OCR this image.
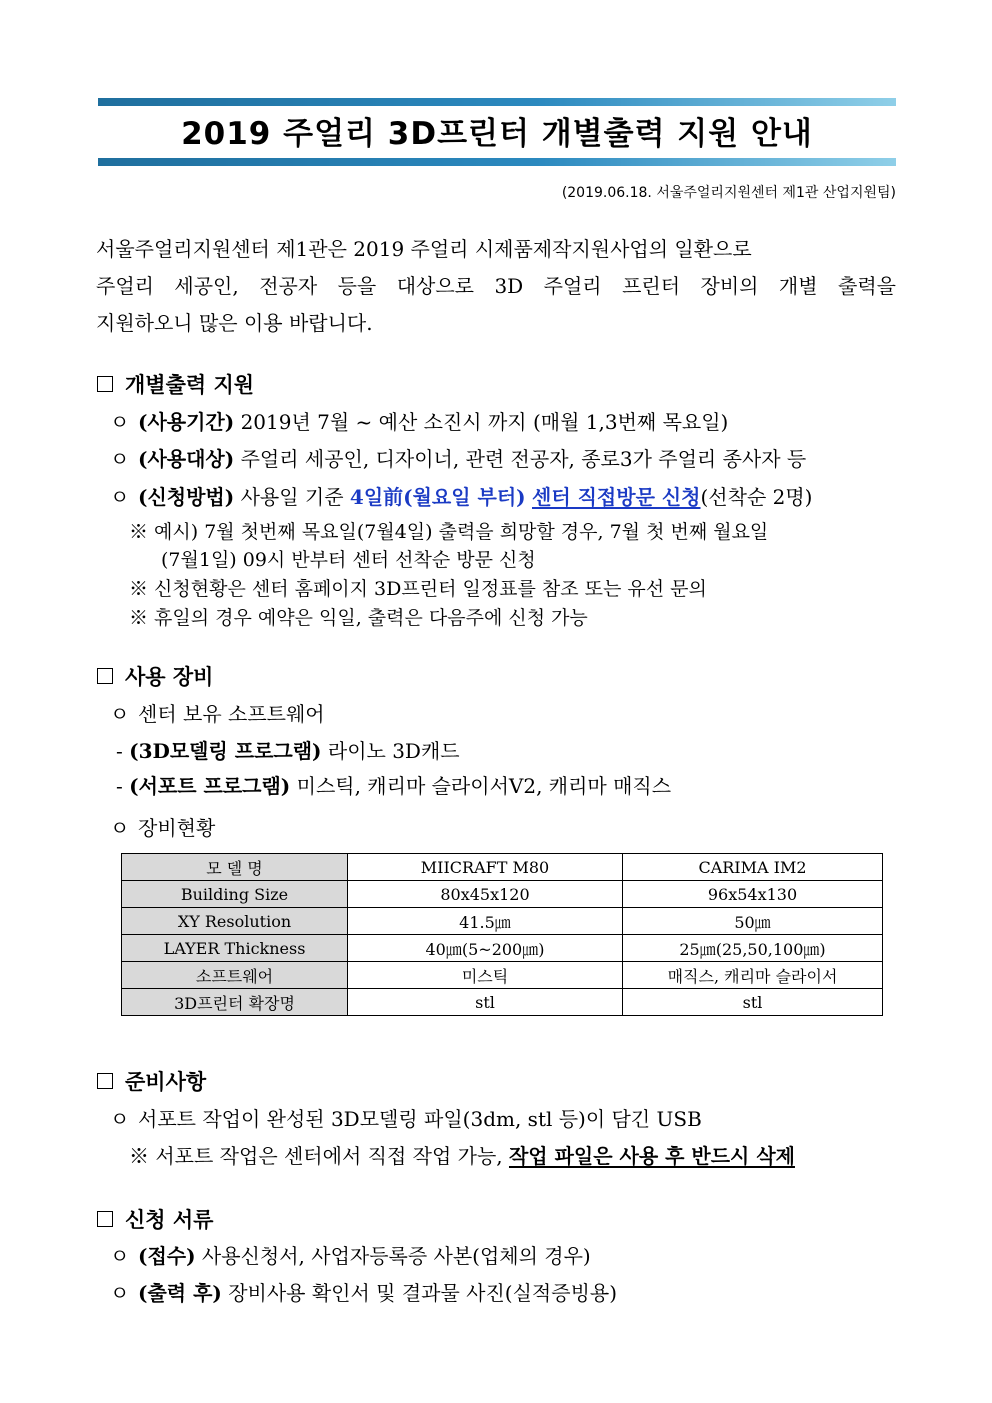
2019 주얼리 3D프린터 개별출력 지원 안내
(2019.06.18. 서울주얼리지원센터 제1관 산업지원팀)

서울주얼리지원센터 제1관은 2019 주얼리 시제품제작지원사업의 일환으로

주얼리 세공인, 전공자 등을 대상으로 3D 주얼리 프린터 장비의 개별 출력을

지원하오니 많은 이용 바랍니다.

개별출력 지원
ㅇ (사용기간) 2019년 7월 ~ 예산 소진시 까지 (매월 1,3번째 목요일)
ㅇ (사용대상) 주얼리 세공인, 디자이너, 관련 전공자, 종로3가 주얼리 종사자 등
ㅇ (신청방법) 사용일 기준 4일前(월요일 부터) 센터 직접방문 신청(선착순 2명)
※ 예시) 7월 첫번째 목요일(7월4일) 출력을 희망할 경우, 7월 첫 번째 월요일
(7월1일) 09시 반부터 센터 선착순 방문 신청
※ 신청현황은 센터 홈페이지 3D프린터 일정표를 참조 또는 유선 문의
※ 휴일의 경우 예약은 익일, 출력은 다음주에 신청 가능
사용 장비
ㅇ 센터 보유 소프트웨어
- (3D모델링 프로그램) 라이노 3D캐드
- (서포트 프로그램) 미스틱, 캐리마 슬라이서V2, 캐리마 매직스
ㅇ 장비현황
모 델 명	MIICRAFT M80	CARIMA IM2
Building Size	80x45x120	96x54x130
XY Resolution	41.5㎛	50㎛
LAYER Thickness	40㎛(5~200㎛)	25㎛(25,50,100㎛)
소프트웨어	미스틱	매직스, 캐리마 슬라이서
3D프린터 확장명	stl	stl
준비사항
ㅇ 서포트 작업이 완성된 3D모델링 파일(3dm, stl 등)이 담긴 USB
※ 서포트 작업은 센터에서 직접 작업 가능, 작업 파일은 사용 후 반드시 삭제
신청 서류
ㅇ (접수) 사용신청서, 사업자등록증 사본(업체의 경우)
ㅇ (출력 후) 장비사용 확인서 및 결과물 사진(실적증빙용)
